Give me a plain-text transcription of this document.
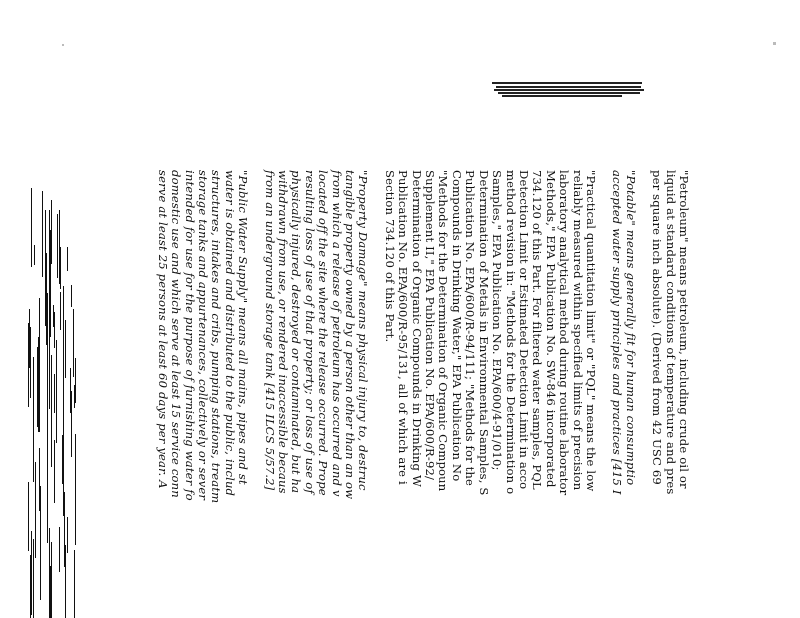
"Petroleum" means petroleum, including crude oil or
liquid at standard conditions of temperature and pres
per square inch absolute). (Derived from 42 USC 69

"Potable" means generally fit for human consumptio
accepted water supply principles and practices [415 I

"Practical quantitation limit" or "PQL" means the low
reliably measured within specified limits of precision
laboratory analytical method during routine laborator
Methods," EPA Publication No. SW-846 incorporated
734.120 of this Part. For filtered water samples, PQL
Detection Limit or Estimated Detection Limit in acco
method revision in: "Methods for the Determination o
Samples," EPA Publication No. EPA/600/4-91/010;
Determination of Metals in Environmental Samples, S
Publication No. EPA/600/R-94/111; "Methods for the
Compounds in Drinking Water," EPA Publication No
"Methods for the Determination of Organic Compoun
Supplement II," EPA Publication No. EPA/600/R-92/
Determination of Organic Compounds in Drinking W
Publication No. EPA/600/R-95/131, all of which are i
Section 734.120 of this Part.

"Property Damage" means physical injury to, destruc
tangible property owned by a person other than an ow
from which a release of petroleum has occurred and v
located off the site where the release occurred. Prope
resulting loss of use of that property; or loss of use of
physically injured, destroyed or contaminated, but ha
withdrawn from use, or rendered inaccessible becaus
from an underground storage tank [415 ILCS 5/57.2]

"Public Water Supply" means all mains, pipes and st
water is obtained and distributed to the public, includ
structures, intakes and cribs, pumping stations, treatm
storage tanks and appurtenances, collectively or sever
intended for use for the purpose of furnishing water fo
domestic use and which serve at least 15 service conn
serve at least 25 persons at least 60 days per year. A
